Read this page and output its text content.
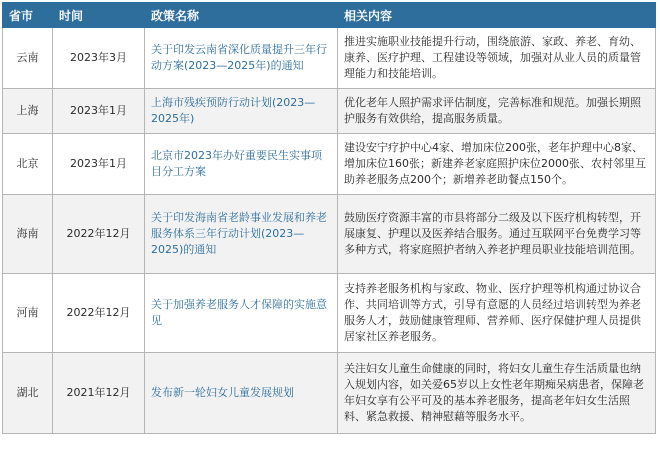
省市	时间	政策名称	相关内容
云南	2023年3月	关于印发云南省深化质量提升三年行动方案(2023—2025年)的通知	推进实施职业技能提升行动，围绕旅游、家政、养老、育幼、康养、医疗护理、工程建设等领域，加强对从业人员的质量管理能力和技能培训。
上海	2023年1月	上海市残疾预防行动计划(2023—2025年)	优化老年人照护需求评估制度，完善标准和规范。加强长期照护服务有效供给，提高服务质量。
北京	2023年1月	北京市2023年办好重要民生实事项目分工方案	建设安宁疗护中心4家、增加床位200张，老年护理中心8家、增加床位160张；新建养老家庭照护床位2000张、农村邻里互助养老服务点200个；新增养老助餐点150个。
海南	2022年12月	关于印发海南省老龄事业发展和养老服务体系三年行动计划(2023—2025)的通知	鼓励医疗资源丰富的市县将部分二级及以下医疗机构转型，开展康复、护理以及医养结合服务。通过互联网平台免费学习等多种方式，将家庭照护者纳入养老护理员职业技能培训范围。
河南	2022年12月	关于加强养老服务人才保障的实施意见	支持养老服务机构与家政、物业、医疗护理等机构通过协议合作、共同培训等方式，引导有意愿的人员经过培训转型为养老服务人才，鼓励健康管理师、营养师、医疗保健护理人员提供居家社区养老服务。
湖北	2021年12月	发布新一轮妇女儿童发展规划	关注妇女儿童生命健康的同时，将妇女儿童生存生活质量也纳入规划内容，如关爱65岁以上女性老年期痴呆病患者，保障老年妇女享有公平可及的基本养老服务，提高老年妇女生活照料、紧急救援、精神慰藉等服务水平。
